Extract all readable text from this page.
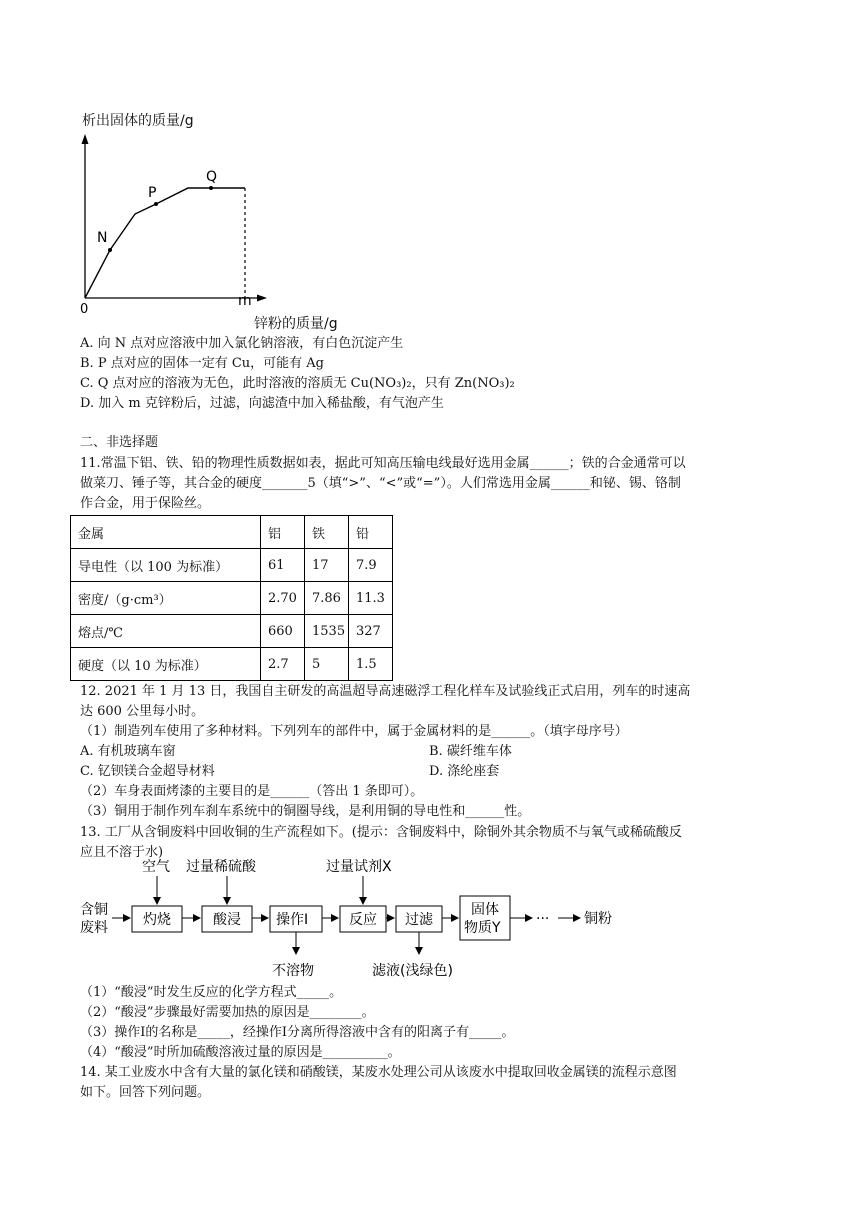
析出固体的质量/g
N
P
Q
0
m
锌粉的质量/g
A. 向 N 点对应溶液中加入氯化钠溶液，有白色沉淀产生
B. P 点对应的固体一定有 Cu，可能有 Ag
C. Q 点对应的溶液为无色，此时溶液的溶质无 Cu(NO₃)₂，只有 Zn(NO₃)₂
D. 加入 m 克锌粉后，过滤，向滤渣中加入稀盐酸，有气泡产生
二、非选择题
11.常温下铝、铁、铅的物理性质数据如表，据此可知高压输电线最好选用金属______；铁的合金通常可以
做菜刀、锤子等，其合金的硬度_______5（填“>”、“<”或“=”）。人们常选用金属______和铋、锡、铬制
作合金，用于保险丝。
金属	铝	铁	铅
导电性（以 100 为标准）	61	17	7.9
密度/（g·cm³）	2.70	7.86	11.3
熔点/℃	660	1535	327
硬度（以 10 为标准）	2.7	5	1.5
12. 2021 年 1 月 13 日，我国自主研发的高温超导高速磁浮工程化样车及试验线正式启用，列车的时速高
达 600 公里每小时。
（1）制造列车使用了多种材料。下列列车的部件中，属于金属材料的是______。（填字母序号）
A. 有机玻璃车窗	B. 碳纤维车体
C. 钇钡镁合金超导材料	D. 涤纶座套
（2）车身表面烤漆的主要目的是______（答出 1 条即可）。
（3）铜用于制作列车刹车系统中的铜圈导线，是利用铜的导电性和______性。
13. 工厂从含铜废料中回收铜的生产流程如下。(提示：含铜废料中，除铜外其余物质不与氧气或稀硫酸反
应且不溶于水)
含铜
废料	灼烧	酸浸	操作Ⅰ	反应 过滤
固体
物质Y
··· 铜粉
空气 过量稀硫酸	过量试剂X
不溶物	滤液(浅绿色)
（1）“酸浸”时发生反应的化学方程式_____。
（2）“酸浸”步骤最好需要加热的原因是________。
（3）操作Ⅰ的名称是_____，经操作Ⅰ分离所得溶液中含有的阳离子有_____。
（4）“酸浸”时所加硫酸溶液过量的原因是__________。
14. 某工业废水中含有大量的氯化镁和硝酸镁，某废水处理公司从该废水中提取回收金属镁的流程示意图
如下。回答下列问题。
